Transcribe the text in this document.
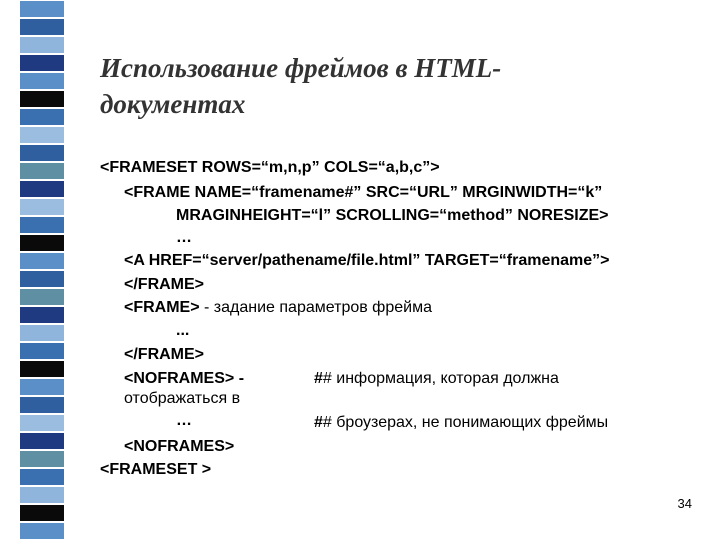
Использование фреймов в HTML-документах
<FRAMESET ROWS=“m,n,p” COLS=“a,b,c”>
<FRAME NAME=“framename#” SRC=“URL” MRGINWIDTH=“k”
MRAGINHEIGHT=“l” SCROLLING=“method” NORESIZE>
…
<A HREF=“server/pathename/file.html” TARGET=“framename”>
</FRAME>
<FRAME> - задание параметров фрейма
...
</FRAME>
<NOFRAMES> -	## информация, которая должна
отображаться в
…	## броузерах, не понимающих фреймы
<NOFRAMES>
<FRAMESET >
34
